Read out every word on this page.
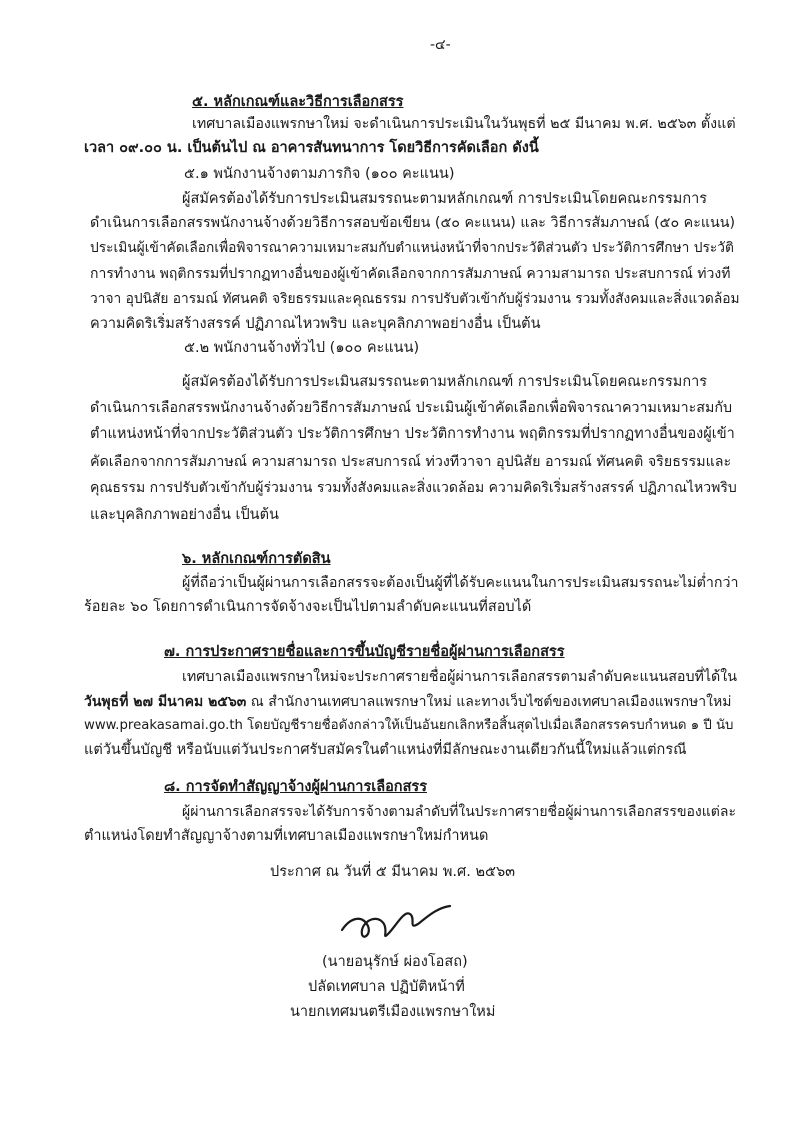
-๔-
๕. หลักเกณฑ์และวิธีการเลือกสรร
เทศบาลเมืองแพรกษาใหม่ จะดำเนินการประเมินในวันพุธที่ ๒๕ มีนาคม พ.ศ. ๒๕๖๓ ตั้งแต่
เวลา ๐๙.๐๐ น. เป็นต้นไป ณ อาคารสันทนาการ โดยวิธีการคัดเลือก ดังนี้
๕.๑ พนักงานจ้างตามภารกิจ (๑๐๐ คะแนน)
ผู้สมัครต้องได้รับการประเมินสมรรถนะตามหลักเกณฑ์ การประเมินโดยคณะกรรมการ
ดำเนินการเลือกสรรพนักงานจ้างด้วยวิธีการสอบข้อเขียน (๕๐ คะแนน) และ วิธีการสัมภาษณ์ (๕๐ คะแนน)
ประเมินผู้เข้าคัดเลือกเพื่อพิจารณาความเหมาะสมกับตำแหน่งหน้าที่จากประวัติส่วนตัว ประวัติการศึกษา ประวัติ
การทำงาน พฤติกรรมที่ปรากฏทางอื่นของผู้เข้าคัดเลือกจากการสัมภาษณ์ ความสามารถ ประสบการณ์ ท่วงที
วาจา อุปนิสัย อารมณ์ ทัศนคติ จริยธรรมและคุณธรรม การปรับตัวเข้ากับผู้ร่วมงาน รวมทั้งสังคมและสิ่งแวดล้อม
ความคิดริเริ่มสร้างสรรค์ ปฏิภาณไหวพริบ และบุคลิกภาพอย่างอื่น เป็นต้น
๕.๒ พนักงานจ้างทั่วไป (๑๐๐ คะแนน)
ผู้สมัครต้องได้รับการประเมินสมรรถนะตามหลักเกณฑ์ การประเมินโดยคณะกรรมการ
ดำเนินการเลือกสรรพนักงานจ้างด้วยวิธีการสัมภาษณ์ ประเมินผู้เข้าคัดเลือกเพื่อพิจารณาความเหมาะสมกับ
ตำแหน่งหน้าที่จากประวัติส่วนตัว ประวัติการศึกษา ประวัติการทำงาน พฤติกรรมที่ปรากฏทางอื่นของผู้เข้า
คัดเลือกจากการสัมภาษณ์ ความสามารถ ประสบการณ์ ท่วงทีวาจา อุปนิสัย อารมณ์ ทัศนคติ จริยธรรมและ
คุณธรรม การปรับตัวเข้ากับผู้ร่วมงาน รวมทั้งสังคมและสิ่งแวดล้อม ความคิดริเริ่มสร้างสรรค์ ปฏิภาณไหวพริบ
และบุคลิกภาพอย่างอื่น เป็นต้น
๖. หลักเกณฑ์การตัดสิน
ผู้ที่ถือว่าเป็นผู้ผ่านการเลือกสรรจะต้องเป็นผู้ที่ได้รับคะแนนในการประเมินสมรรถนะไม่ต่ำกว่า
ร้อยละ ๖๐ โดยการดำเนินการจัดจ้างจะเป็นไปตามลำดับคะแนนที่สอบได้
๗. การประกาศรายชื่อและการขึ้นบัญชีรายชื่อผู้ผ่านการเลือกสรร
เทศบาลเมืองแพรกษาใหม่จะประกาศรายชื่อผู้ผ่านการเลือกสรรตามลำดับคะแนนสอบที่ได้ใน
วันพุธที่ ๒๗ มีนาคม ๒๕๖๓ ณ สำนักงานเทศบาลแพรกษาใหม่ และทางเว็บไซต์ของเทศบาลเมืองแพรกษาใหม่
www.preakasamai.go.th โดยบัญชีรายชื่อดังกล่าวให้เป็นอันยกเลิกหรือสิ้นสุดไปเมื่อเลือกสรรครบกำหนด ๑ ปี นับ
แต่วันขึ้นบัญชี หรือนับแต่วันประกาศรับสมัครในตำแหน่งที่มีลักษณะงานเดียวกันนี้ใหม่แล้วแต่กรณี
๘. การจัดทำสัญญาจ้างผู้ผ่านการเลือกสรร
ผู้ผ่านการเลือกสรรจะได้รับการจ้างตามลำดับที่ในประกาศรายชื่อผู้ผ่านการเลือกสรรของแต่ละ
ตำแหน่งโดยทำสัญญาจ้างตามที่เทศบาลเมืองแพรกษาใหม่กำหนด
ประกาศ ณ วันที่ ๕ มีนาคม พ.ศ. ๒๕๖๓
(นายอนุรักษ์ ผ่องโอสถ)
ปลัดเทศบาล ปฏิบัติหน้าที่
นายกเทศมนตรีเมืองแพรกษาใหม่
